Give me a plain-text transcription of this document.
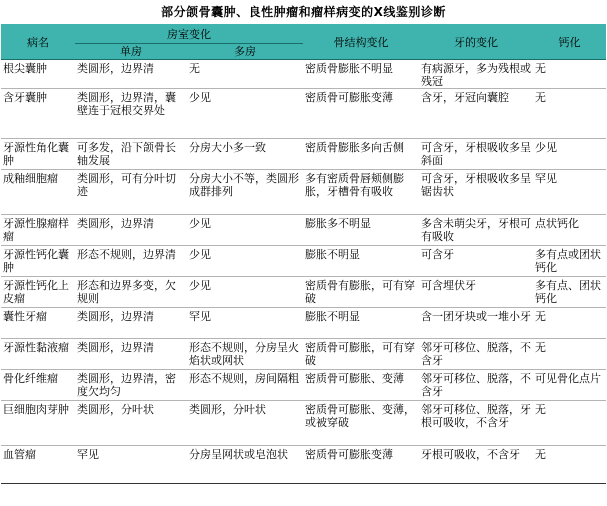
部分颌骨囊肿、良性肿瘤和瘤样病变的X线鉴别诊断
病名	房室变化		骨结构变化	牙的变化	钙化
	单房	多房			
根尖囊肿	类圆形，边界清	无	密质骨膨胀不明显	有病源牙，多为残根或残冠	无
含牙囊肿	类圆形，边界清，囊壁连于冠根交界处	少见	密质骨可膨胀变薄	含牙，牙冠向囊腔	无
牙源性角化囊肿	可多发，沿下颌骨长轴发展	分房大小多一致	密质骨膨胀多向舌侧	可含牙，牙根吸收多呈斜面	少见
成釉细胞瘤	类圆形，可有分叶切迹	分房大小不等，类圆形成群排列	多有密质骨唇颊侧膨胀，牙槽骨有吸收	可含牙，牙根吸收多呈锯齿状	罕见
牙源性腺瘤样瘤	类圆形，边界清	少见	膨胀多不明显	多含未萌尖牙，牙根可有吸收	点状钙化
牙源性钙化囊肿	形态不规则，边界清	少见	膨胀不明显	可含牙	多有点或团状钙化
牙源性钙化上皮瘤	形态和边界多变，欠规则	少见	密质骨有膨胀，可有穿破	可含埋伏牙	多有点、团状钙化
囊性牙瘤	类圆形，边界清	罕见	膨胀不明显	含一团牙块或一堆小牙	无
牙源性黏液瘤	类圆形，边界清	形态不规则，分房呈火焰状或网状	密质骨可膨胀，可有穿破	邻牙可移位、脱落，不含牙	无
骨化纤维瘤	类圆形，边界清，密度欠均匀	形态不规则，房间隔粗	密质骨可膨胀、变薄	邻牙可移位、脱落，不含牙	可见骨化点片
巨细胞肉芽肿	类圆形，分叶状	类圆形，分叶状	密质骨可膨胀、变薄，或被穿破	邻牙可移位、脱落，牙根可吸收，不含牙	无
血管瘤	罕见	分房呈网状或皂泡状	密质骨可膨胀变薄	牙根可吸收，不含牙	无
